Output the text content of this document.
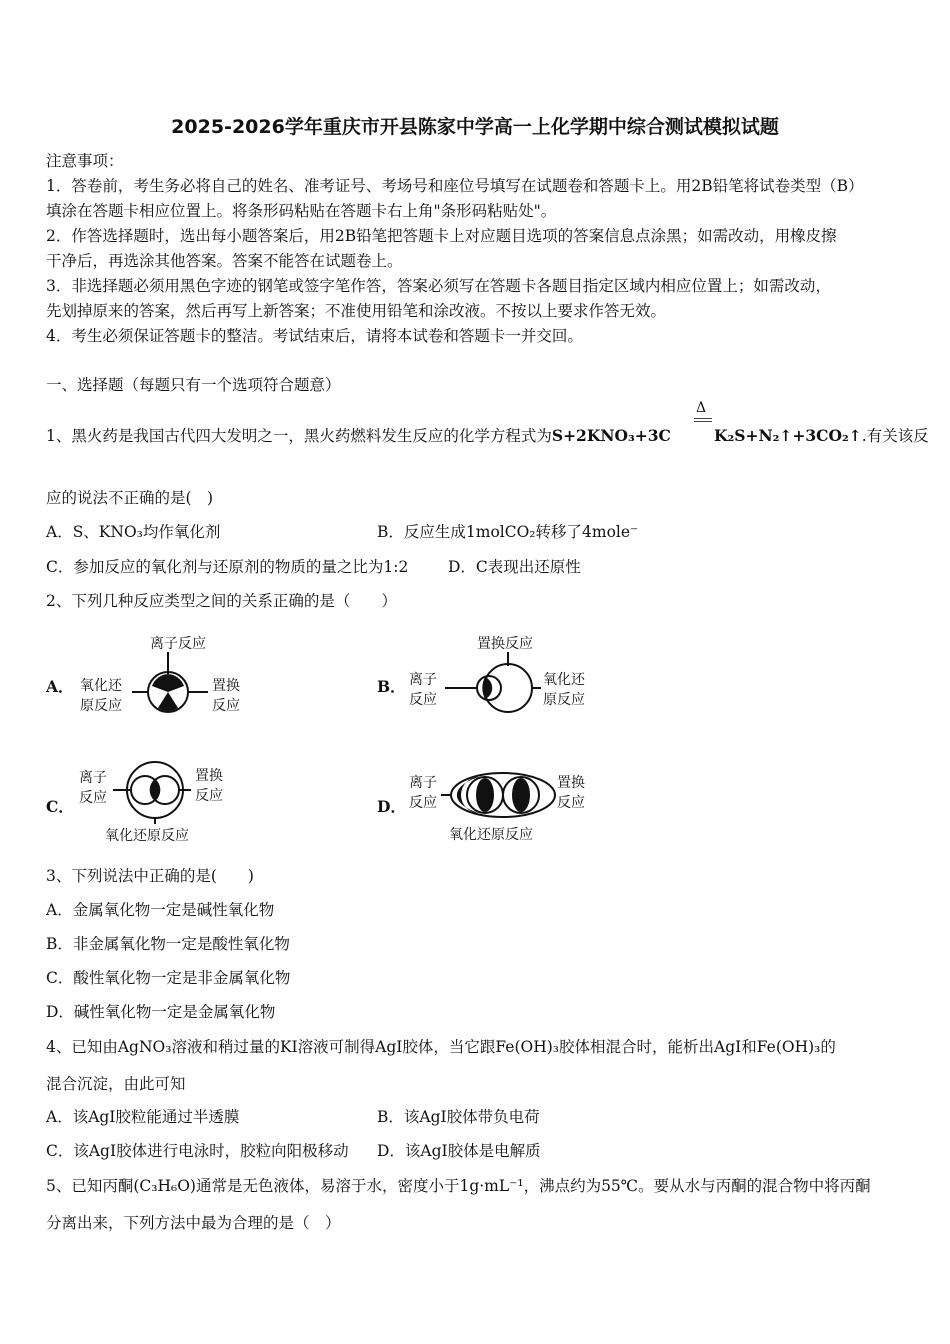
2025-2026学年重庆市开县陈家中学高一上化学期中综合测试模拟试题
注意事项：
1．答卷前，考生务必将自己的姓名、准考证号、考场号和座位号填写在试题卷和答题卡上。用2B铅笔将试卷类型（B）
填涂在答题卡相应位置上。将条形码粘贴在答题卡右上角"条形码粘贴处"。
2．作答选择题时，选出每小题答案后，用2B铅笔把答题卡上对应题目选项的答案信息点涂黑；如需改动，用橡皮擦
干净后，再选涂其他答案。答案不能答在试题卷上。
3．非选择题必须用黑色字迹的钢笔或签字笔作答，答案必须写在答题卡各题目指定区域内相应位置上；如需改动，
先划掉原来的答案，然后再写上新答案；不准使用铅笔和涂改液。不按以上要求作答无效。
4．考生必须保证答题卡的整洁。考试结束后，请将本试卷和答题卡一并交回。
一、选择题（每题只有一个选项符合题意）
1、黑火药是我国古代四大发明之一，黑火药燃料发生反应的化学方程式为S+2KNO₃+3C
Δ
K₂S+N₂↑+3CO₂↑.有关该反
应的说法不正确的是(　)
A．S、KNO₃均作氧化剂	B．反应生成1molCO₂转移了4mole⁻
C．参加反应的氧化剂与还原剂的物质的量之比为1:2	D．C表现出还原性
2、下列几种反应类型之间的关系正确的是（　　）
A．
离子反应
氧化还
原反应
置换
反应
B．
置换反应
离子
反应
氧化还
原反应
C．
离子
反应
置换
反应
氧化还原反应
D．
离子
反应
置换
反应
氧化还原反应
3、下列说法中正确的是(　　)
A．金属氧化物一定是碱性氧化物
B．非金属氧化物一定是酸性氧化物
C．酸性氧化物一定是非金属氧化物
D．碱性氧化物一定是金属氧化物
4、已知由AgNO₃溶液和稍过量的KI溶液可制得AgI胶体，当它跟Fe(OH)₃胶体相混合时，能析出AgI和Fe(OH)₃的
混合沉淀，由此可知
A．该AgI胶粒能通过半透膜	B．该AgI胶体带负电荷
C．该AgI胶体进行电泳时，胶粒向阳极移动 D．该AgI胶体是电解质
5、已知丙酮(C₃H₆O)通常是无色液体，易溶于水，密度小于1g·mL⁻¹，沸点约为55℃。要从水与丙酮的混合物中将丙酮
分离出来，下列方法中最为合理的是（　）
